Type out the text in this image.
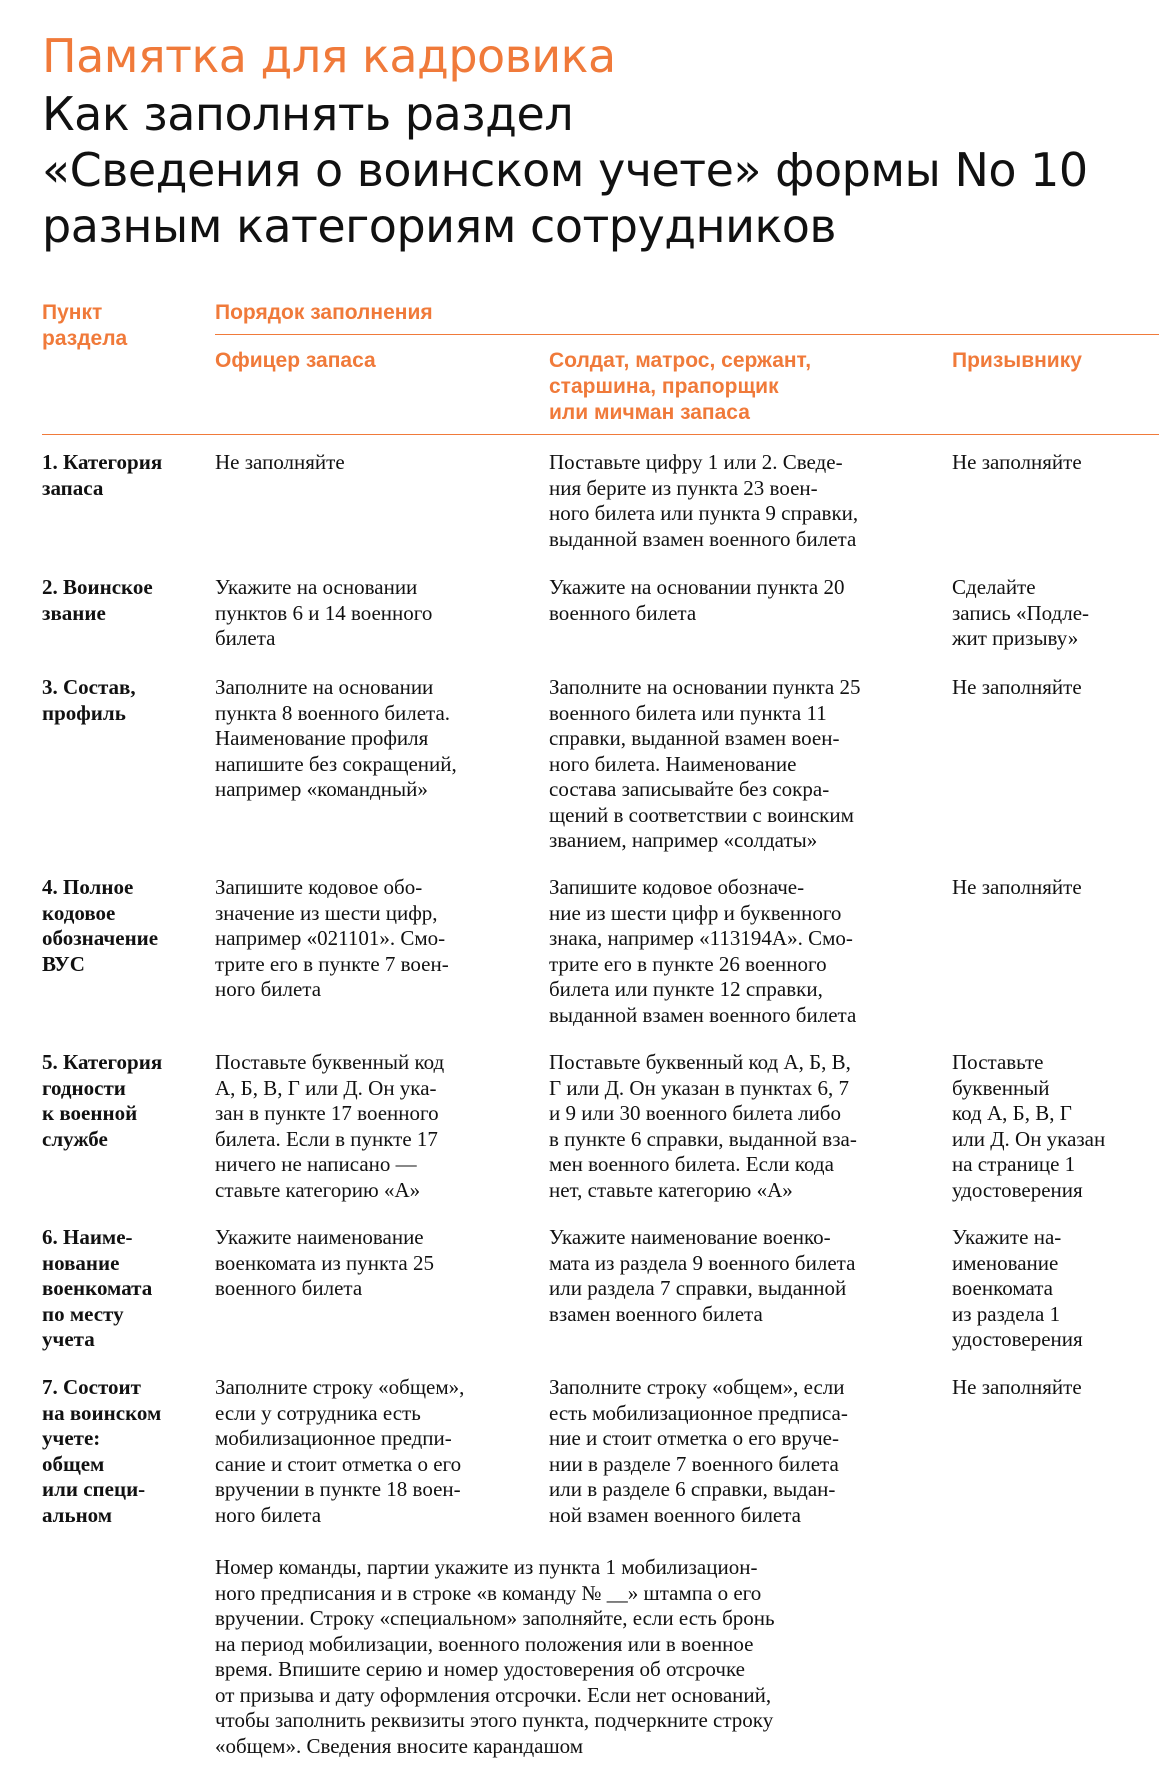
Памятка для кадровика
Как заполнять раздел
«Сведения о воинском учете» формы No 10
разным категориям сотрудников
Пункт
раздела
Порядок заполнения
Офицер запаса	Солдат, матрос, сержант,
старшина, прапорщик
или мичман запаса
Призывнику
1. Категория
запаса
Не заполняйте	Поставьте цифру 1 или 2. Сведе-
ния берите из пункта 23 воен-
ного билета или пункта 9 справки,
выданной взамен военного билета
Не заполняйте
2. Воинское
звание
Укажите на основании
пунктов 6 и 14 военного
билета
Укажите на основании пункта 20
военного билета
Сделайте
запись «Подле-
жит призыву»
3. Состав,
профиль
Заполните на основании
пункта 8 военного билета.
Наименование профиля
напишите без сокращений,
например «командный»
Заполните на основании пункта 25
военного билета или пункта 11
справки, выданной взамен воен-
ного билета. Наименование
состава записывайте без сокра-
щений в соответствии с воинским
званием, например «солдаты»
Не заполняйте
4. Полное
кодовое
обозначение
ВУС
Запишите кодовое обо-
значение из шести цифр,
например «021101». Смо-
трите его в пункте 7 воен-
ного билета
Запишите кодовое обозначе-
ние из шести цифр и буквенного
знака, например «113194А». Смо-
трите его в пункте 26 военного
билета или пункте 12 справки,
выданной взамен военного билета
Не заполняйте
5. Категория
годности
к военной
службе
Поставьте буквенный код
А, Б, В, Г или Д. Он ука-
зан в пункте 17 военного
билета. Если в пункте 17
ничего не написано —
ставьте категорию «А»
Поставьте буквенный код А, Б, В,
Г или Д. Он указан в пунктах 6, 7
и 9 или 30 военного билета либо
в пункте 6 справки, выданной вза-
мен военного билета. Если кода
нет, ставьте категорию «А»
Поставьте
буквенный
код А, Б, В, Г
или Д. Он указан
на странице 1
удостоверения
6. Наиме-
нование
военкомата
по месту
учета
Укажите наименование
военкомата из пункта 25
военного билета
Укажите наименование военко-
мата из раздела 9 военного билета
или раздела 7 справки, выданной
взамен военного билета
Укажите на-
именование
военкомата
из раздела 1
удостоверения
7. Состоит
на воинском
учете:
общем
или специ-
альном
Заполните строку «общем»,
если у сотрудника есть
мобилизационное предпи-
сание и стоит отметка о его
вручении в пункте 18 воен-
ного билета
Заполните строку «общем», если
есть мобилизационное предписа-
ние и стоит отметка о его вруче-
нии в разделе 7 военного билета
или в разделе 6 справки, выдан-
ной взамен военного билета
Не заполняйте
Номер команды, партии укажите из пункта 1 мобилизацион-
ного предписания и в строке «в команду № __» штампа о его
вручении. Строку «специальном» заполняйте, если есть бронь
на период мобилизации, военного положения или в военное
время. Впишите серию и номер удостоверения об отсрочке
от призыва и дату оформления отсрочки. Если нет оснований,
чтобы заполнить реквизиты этого пункта, подчеркните строку
«общем». Сведения вносите карандашом
